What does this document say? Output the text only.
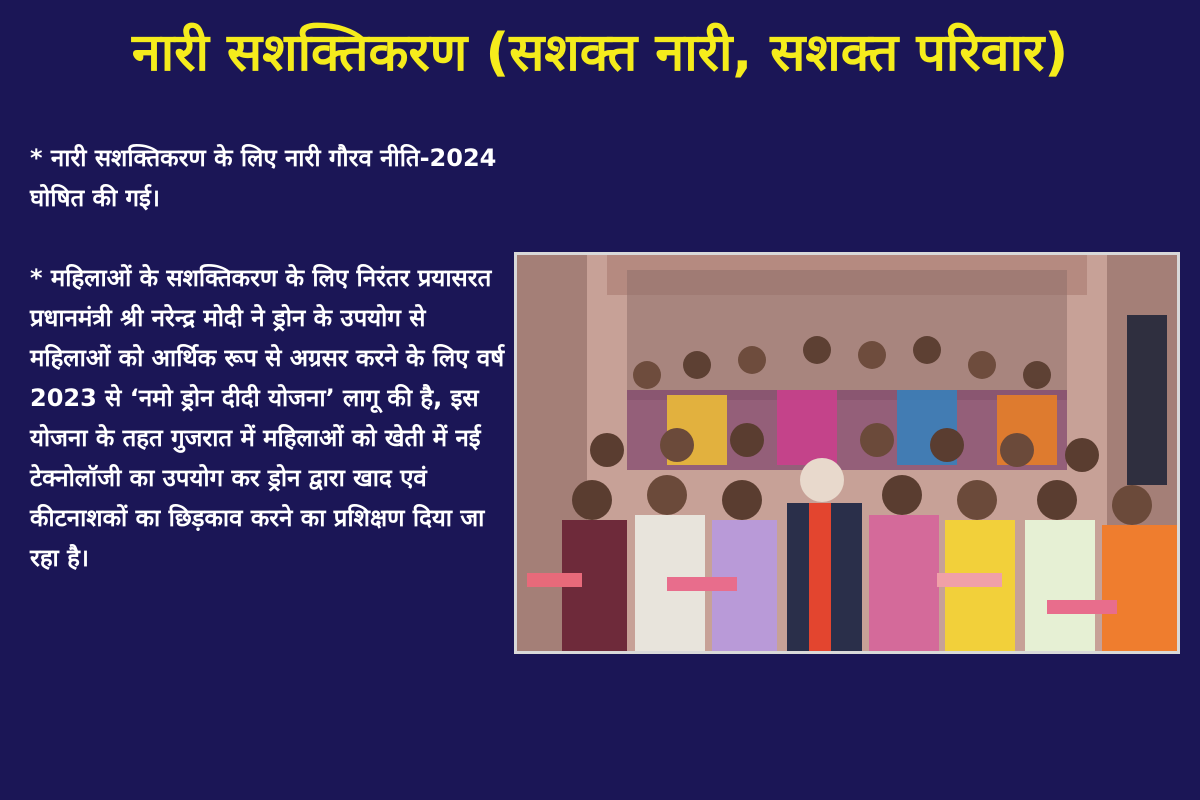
नारी सशक्तिकरण (सशक्त नारी, सशक्त परिवार)

* नारी सशक्तिकरण के लिए नारी गौरव नीति-2024 घोषित की गई।

* महिलाओं के सशक्तिकरण के लिए निरंतर प्रयासरत प्रधानमंत्री श्री नरेन्द्र मोदी ने ड्रोन के उपयोग से महिलाओं को आर्थिक रूप से अग्रसर करने के लिए वर्ष 2023 से ‘नमो ड्रोन दीदी योजना’ लागू की है, इस योजना के तहत गुजरात में महिलाओं को खेती में नई टेक्नोलॉजी का उपयोग कर ड्रोन द्वारा खाद एवं कीटनाशकों का छिड़काव करने का प्रशिक्षण दिया जा रहा है।
